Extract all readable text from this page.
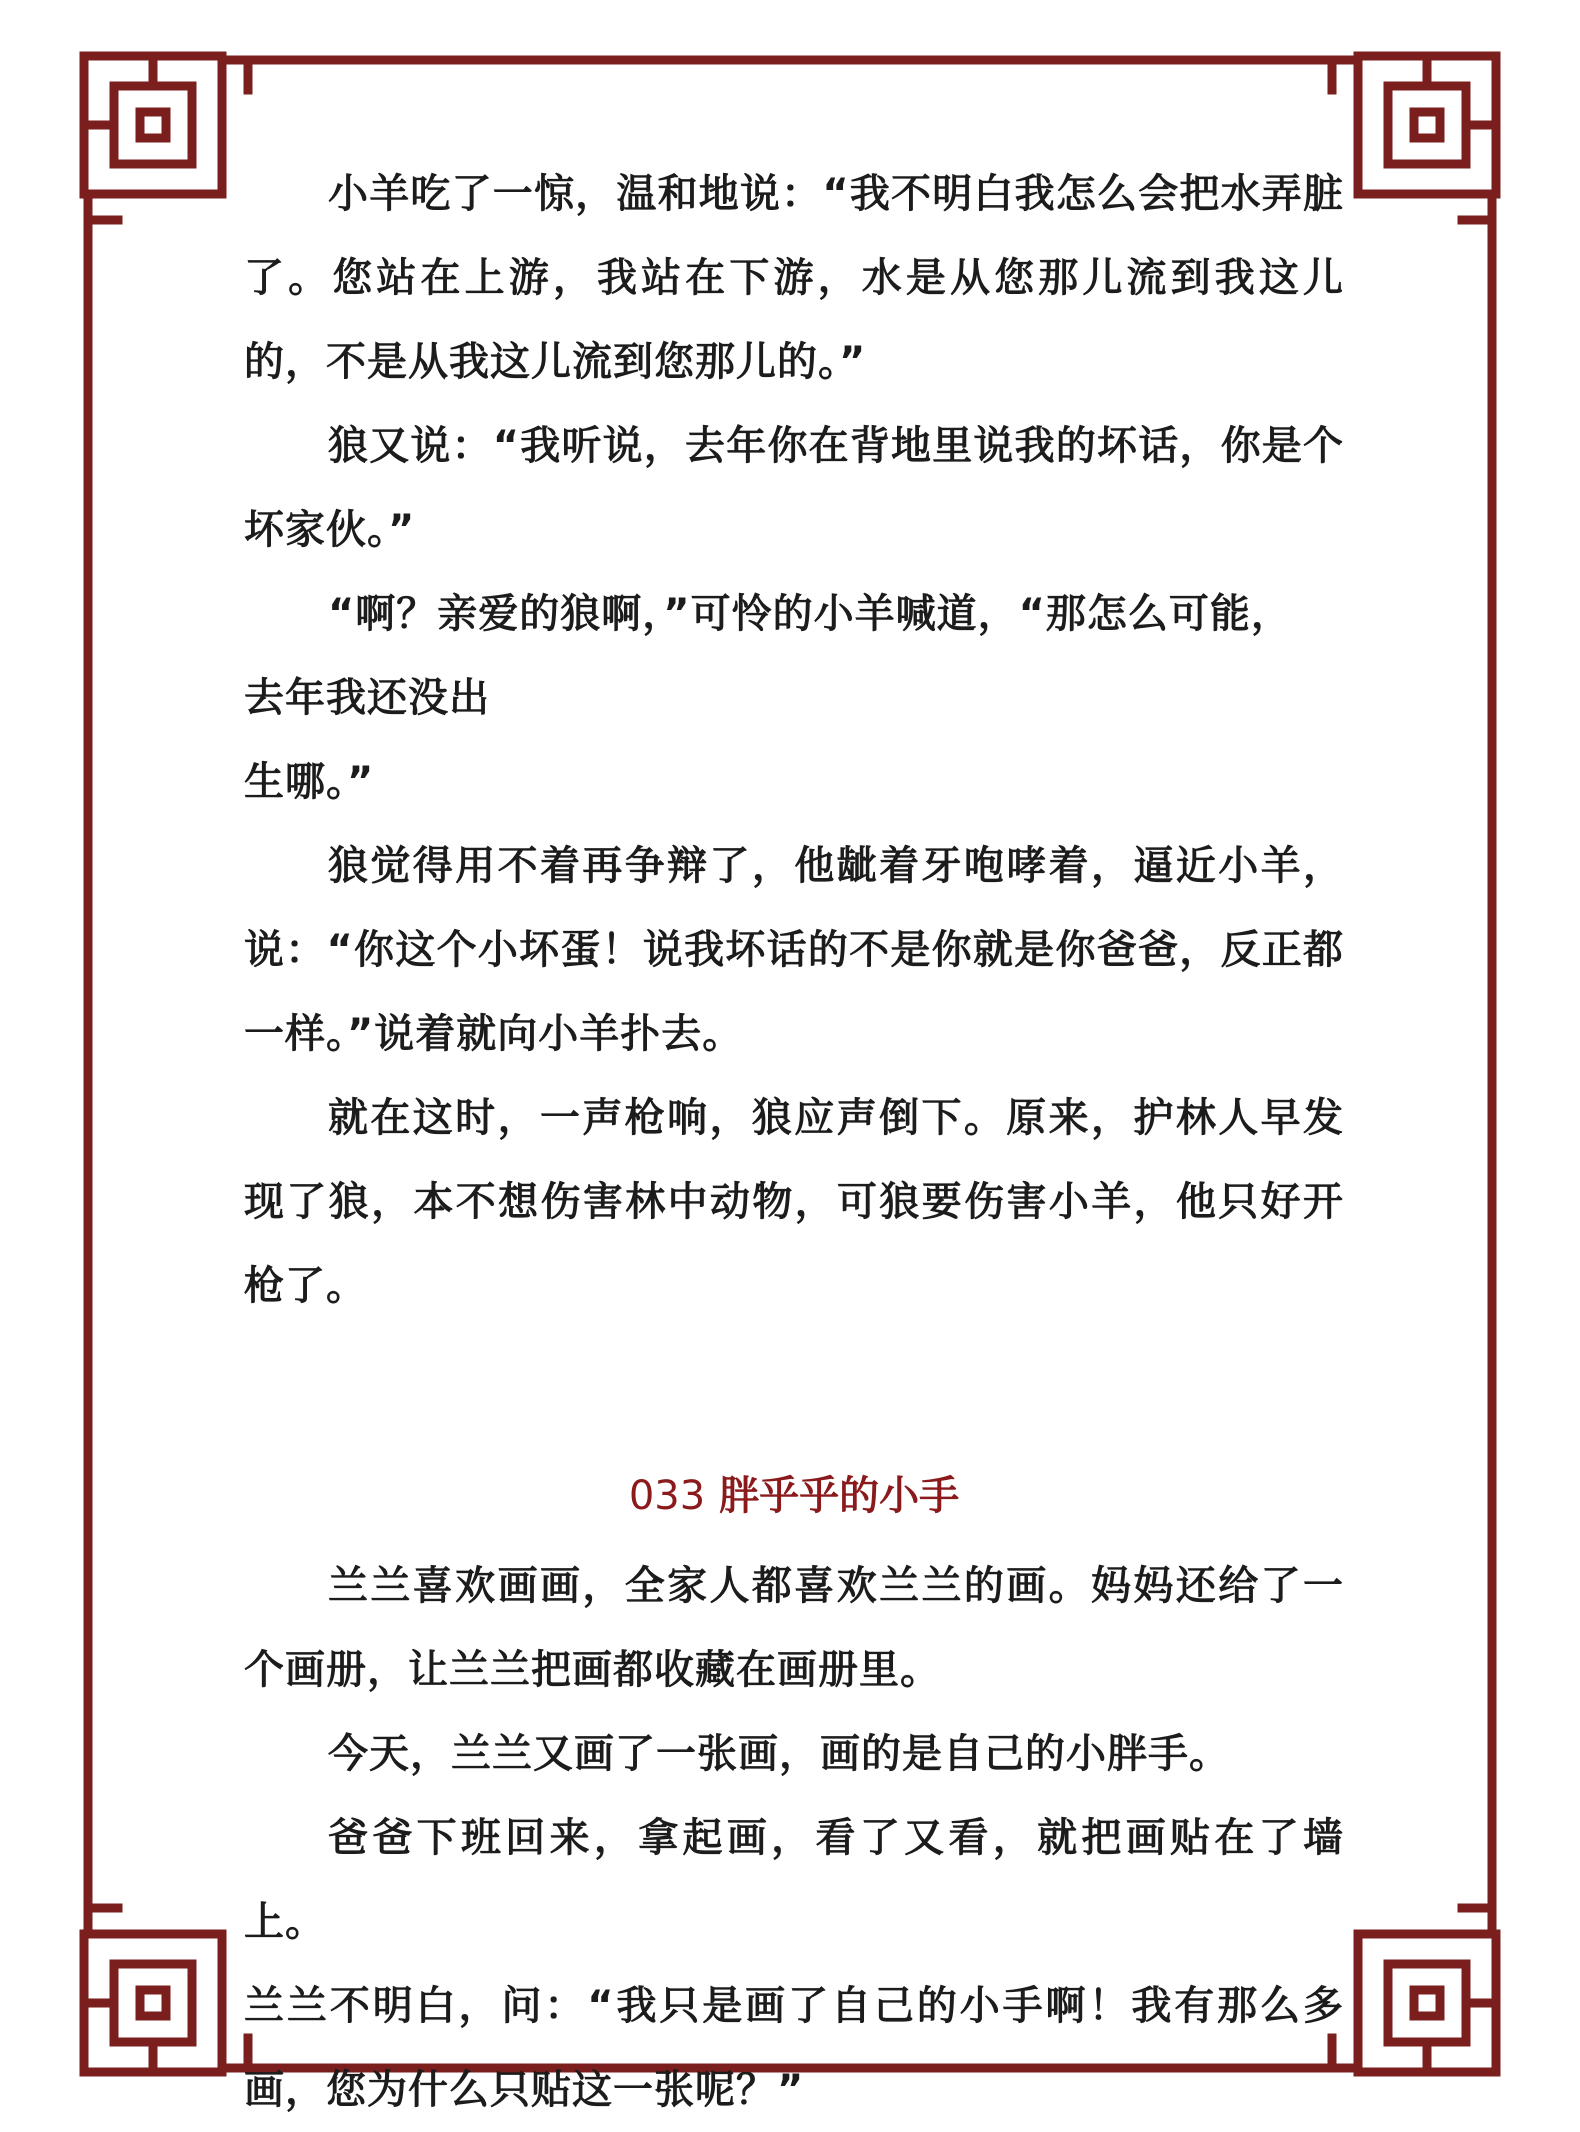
小羊吃了一惊，温和地说：“我不明白我怎么会把水弄脏了。您站在上游，我站在下游，水是从您那儿流到我这儿的，不是从我这儿流到您那儿的。”

狼又说：“我听说，去年你在背地里说我的坏话，你是个坏家伙。”

“啊？亲爱的狼啊，”可怜的小羊喊道，“那怎么可能，

去年我还没出

生哪。”

狼觉得用不着再争辩了，他龇着牙咆哮着，逼近小羊，说：“你这个小坏蛋！说我坏话的不是你就是你爸爸，反正都一样。”说着就向小羊扑去。

就在这时，一声枪响，狼应声倒下。原来，护林人早发现了狼，本不想伤害林中动物，可狼要伤害小羊，他只好开枪了。

033 胖乎乎的小手

兰兰喜欢画画，全家人都喜欢兰兰的画。妈妈还给了一个画册，让兰兰把画都收藏在画册里。

今天，兰兰又画了一张画，画的是自己的小胖手。

爸爸下班回来，拿起画，看了又看，就把画贴在了墙上。

兰兰不明白，问：“我只是画了自己的小手啊！我有那么多画，您为什么只贴这一张呢？”
